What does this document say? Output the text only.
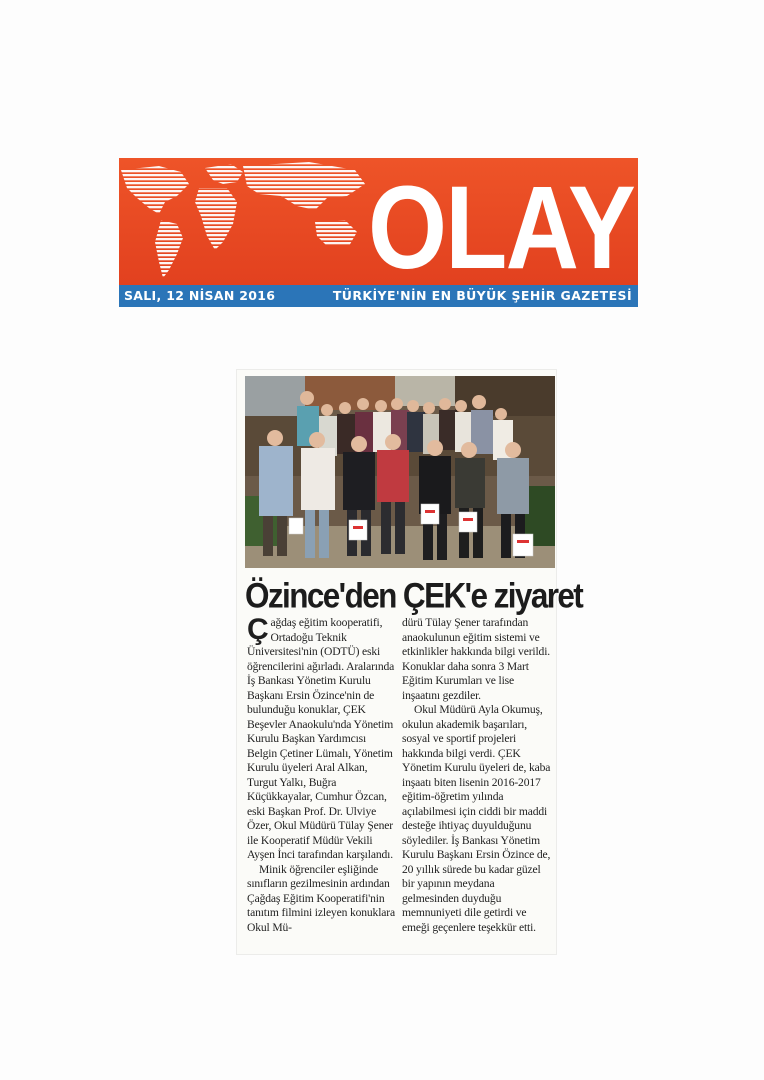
OLAY
SALI, 12 NİSAN 2016	TÜRKİYE'NİN EN BÜYÜK ŞEHİR GAZETESİ
Özince'den ÇEK'e ziyaret

Çağdaş eğitim kooperatifi, Ortadoğu Teknik Üniversitesi'nin (ODTÜ) eski öğrencilerini ağırladı. Aralarında İş Bankası Yönetim Kurulu Başkanı Ersin Özince'nin de bulunduğu konuklar, ÇEK Beşevler Anaokulu'nda Yönetim Kurulu Başkan Yardımcısı Belgin Çetiner Lümalı, Yönetim Kurulu üyeleri Aral Alkan, Turgut Yalkı, Buğra Küçükkayalar, Cumhur Özcan, eski Başkan Prof. Dr. Ulviye Özer, Okul Müdürü Tülay Şener ile Kooperatif Müdür Vekili Ayşen İnci tarafından karşılandı.

Minik öğrenciler eşliğinde sınıfların gezilmesinin ardından Çağdaş Eğitim Kooperatifi'nin tanıtım filmini izleyen konuklara Okul Mü-

dürü Tülay Şener tarafından anaokulunun eğitim sistemi ve etkinlikler hakkında bilgi verildi. Konuklar daha sonra 3 Mart Eğitim Kurumları ve lise inşaatını gezdiler.

Okul Müdürü Ayla Okumuş, okulun akademik başarıları, sosyal ve sportif projeleri hakkında bilgi verdi. ÇEK Yönetim Kurulu üyeleri de, kaba inşaatı biten lisenin 2016-2017 eğitim-öğretim yılında açılabilmesi için ciddi bir maddi desteğe ihtiyaç duyulduğunu söylediler. İş Bankası Yönetim Kurulu Başkanı Ersin Özince de, 20 yıllık sürede bu kadar güzel bir yapının meydana gelmesinden duyduğu memnuniyeti dile getirdi ve emeği geçenlere teşekkür etti.
